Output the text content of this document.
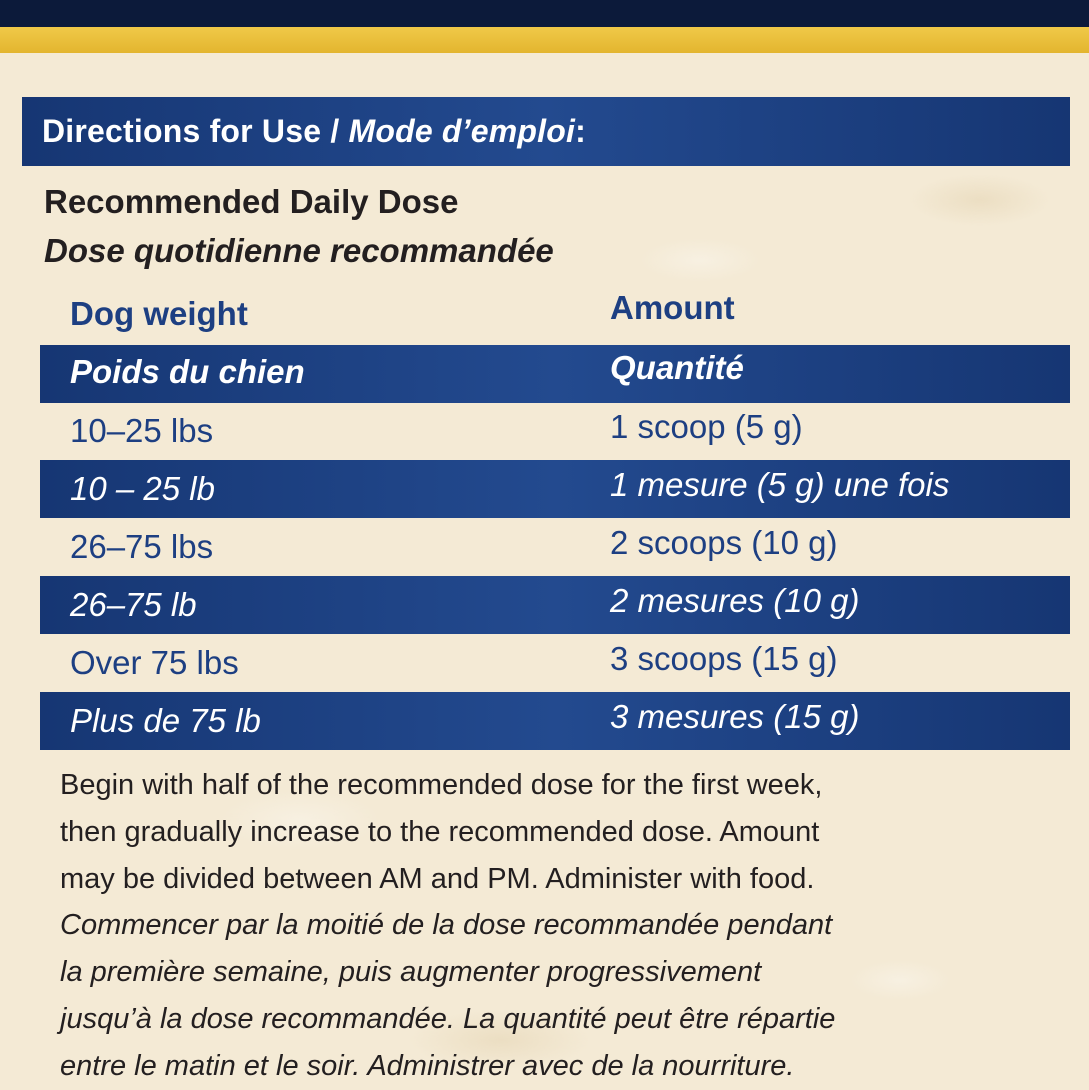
Directions for Use / Mode d’emploi:
Recommended Daily Dose
Dose quotidienne recommandée
Dog weight	Amount
Poids du chien	Quantité
10–25 lbs	1 scoop (5 g)
10 – 25 lb	1 mesure (5 g) une fois
26–75 lbs	2 scoops (10 g)
26–75 lb	2 mesures (10 g)
Over 75 lbs	3 scoops (15 g)
Plus de 75 lb	3 mesures (15 g)
Begin with half of the recommended dose for the first week,
then gradually increase to the recommended dose. Amount
may be divided between AM and PM. Administer with food.
Commencer par la moitié de la dose recommandée pendant
la première semaine, puis augmenter progressivement
jusqu’à la dose recommandée. La quantité peut être répartie
entre le matin et le soir. Administrer avec de la nourriture.
